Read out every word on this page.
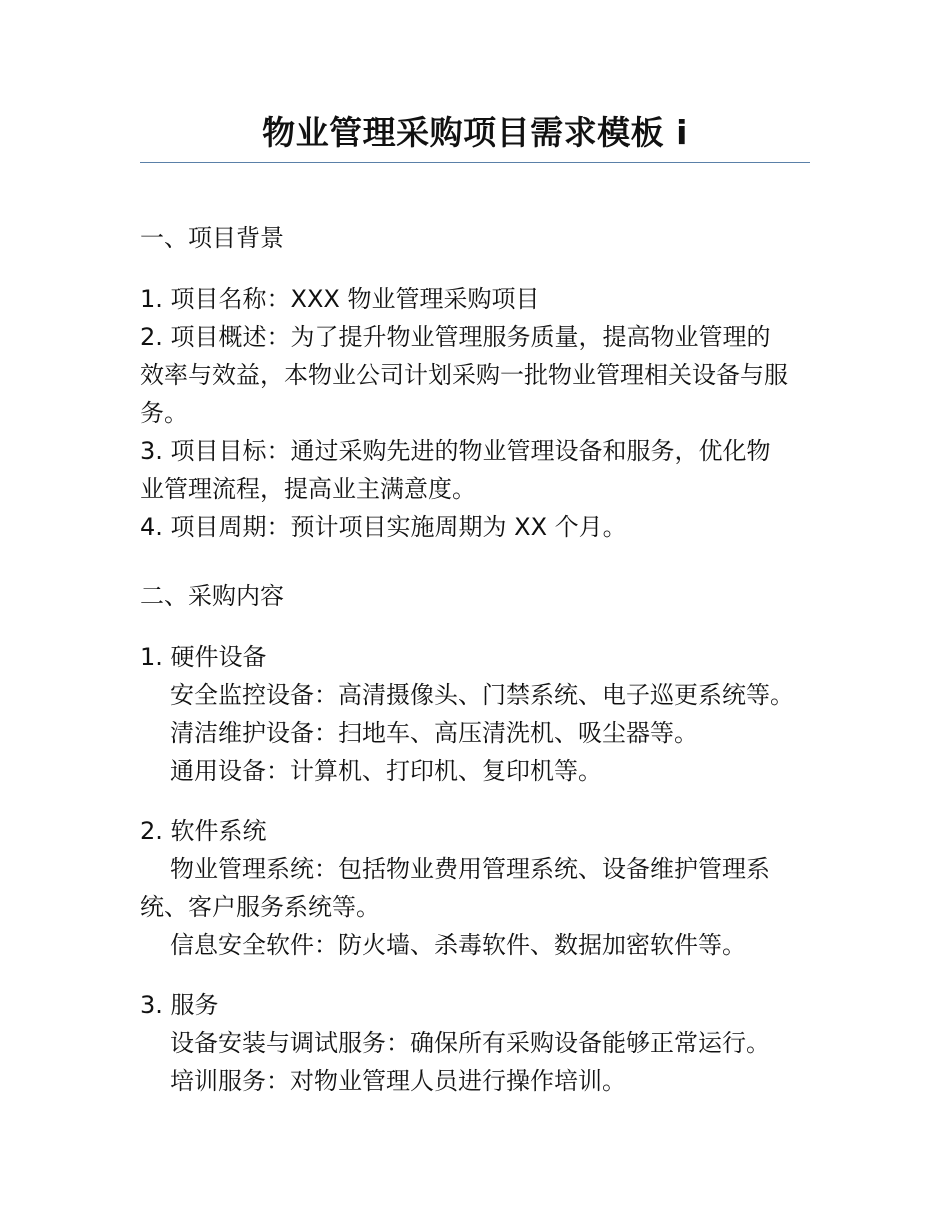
物业管理采购项目需求模板 i
一、项目背景
1. 项目名称：XXX 物业管理采购项目
2. 项目概述：为了提升物业管理服务质量，提高物业管理的
效率与效益，本物业公司计划采购一批物业管理相关设备与服
务。
3. 项目目标：通过采购先进的物业管理设备和服务，优化物
业管理流程，提高业主满意度。
4. 项目周期：预计项目实施周期为 XX 个月。
二、采购内容
1. 硬件设备
安全监控设备：高清摄像头、门禁系统、电子巡更系统等。
清洁维护设备：扫地车、高压清洗机、吸尘器等。
通用设备：计算机、打印机、复印机等。
2. 软件系统
物业管理系统：包括物业费用管理系统、设备维护管理系
统、客户服务系统等。
信息安全软件：防火墙、杀毒软件、数据加密软件等。
3. 服务
设备安装与调试服务：确保所有采购设备能够正常运行。
培训服务：对物业管理人员进行操作培训。
